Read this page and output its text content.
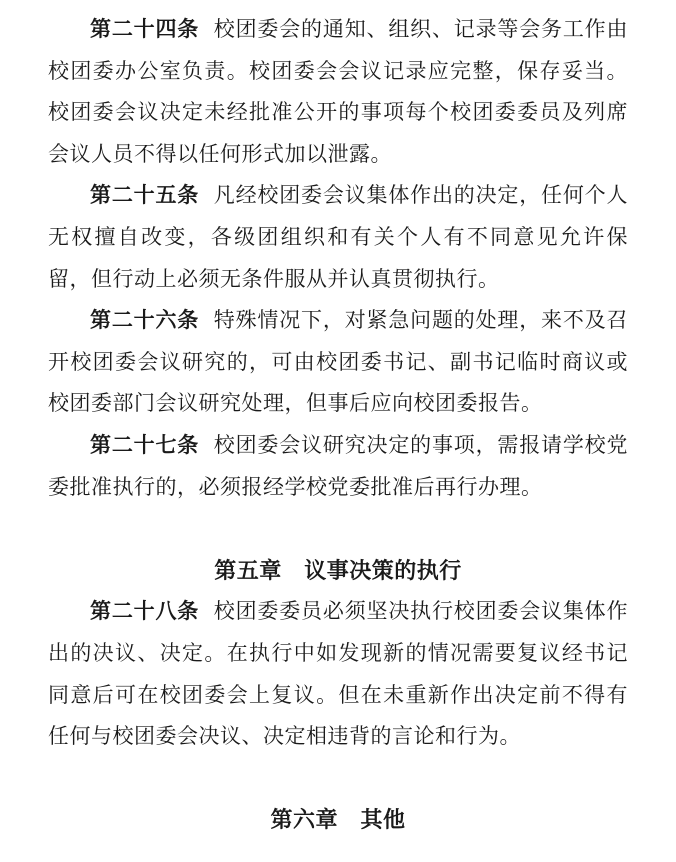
第二十四条 校团委会的通知、组织、记录等会务工作由校团委办公室负责。校团委会会议记录应完整，保存妥当。校团委会议决定未经批准公开的事项每个校团委委员及列席会议人员不得以任何形式加以泄露。

第二十五条 凡经校团委会议集体作出的决定，任何个人无权擅自改变，各级团组织和有关个人有不同意见允许保留，但行动上必须无条件服从并认真贯彻执行。

第二十六条 特殊情况下，对紧急问题的处理，来不及召开校团委会议研究的，可由校团委书记、副书记临时商议或校团委部门会议研究处理，但事后应向校团委报告。

第二十七条 校团委会议研究决定的事项，需报请学校党委批准执行的，必须报经学校党委批准后再行办理。

第五章　议事决策的执行

第二十八条 校团委委员必须坚决执行校团委会议集体作出的决议、决定。在执行中如发现新的情况需要复议经书记同意后可在校团委会上复议。但在未重新作出决定前不得有任何与校团委会决议、决定相违背的言论和行为。

第六章　其他
